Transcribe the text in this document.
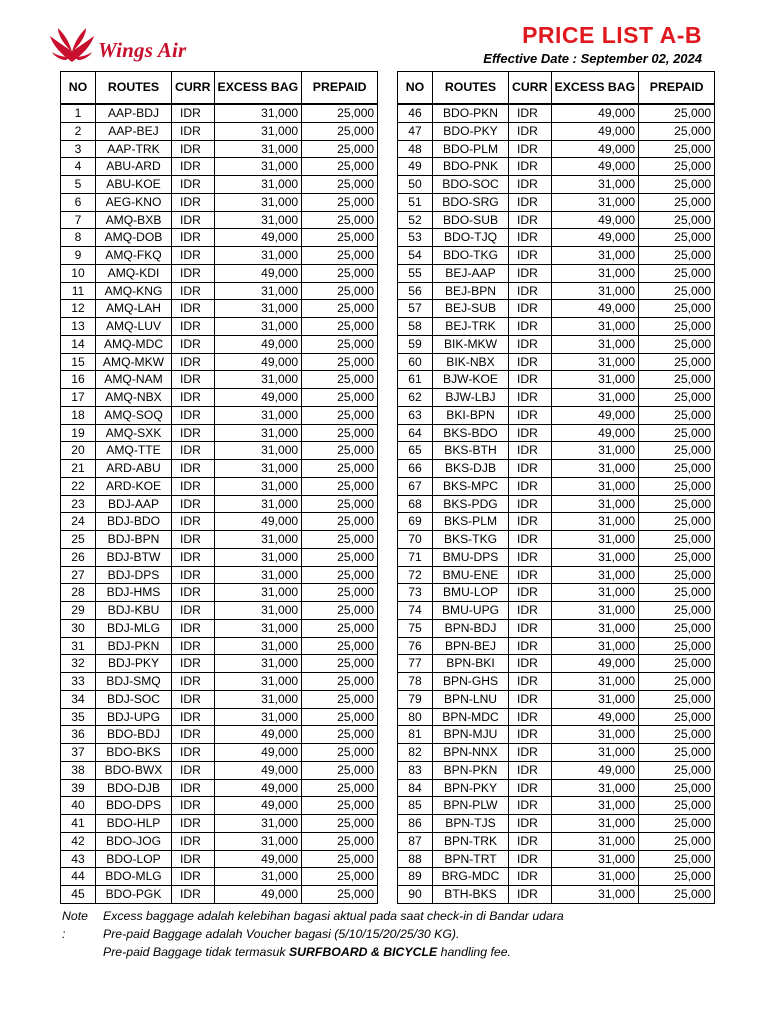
Wings Air
PRICE LIST A-B
Effective Date : September 02, 2024
NO	ROUTES	CURR	EXCESS BAG	PREPAID
1	AAP-BDJ	IDR	31,000	25,000
2	AAP-BEJ	IDR	31,000	25,000
3	AAP-TRK	IDR	31,000	25,000
4	ABU-ARD	IDR	31,000	25,000
5	ABU-KOE	IDR	31,000	25,000
6	AEG-KNO	IDR	31,000	25,000
7	AMQ-BXB	IDR	31,000	25,000
8	AMQ-DOB	IDR	49,000	25,000
9	AMQ-FKQ	IDR	31,000	25,000
10	AMQ-KDI	IDR	49,000	25,000
11	AMQ-KNG	IDR	31,000	25,000
12	AMQ-LAH	IDR	31,000	25,000
13	AMQ-LUV	IDR	31,000	25,000
14	AMQ-MDC	IDR	49,000	25,000
15	AMQ-MKW	IDR	49,000	25,000
16	AMQ-NAM	IDR	31,000	25,000
17	AMQ-NBX	IDR	49,000	25,000
18	AMQ-SOQ	IDR	31,000	25,000
19	AMQ-SXK	IDR	31,000	25,000
20	AMQ-TTE	IDR	31,000	25,000
21	ARD-ABU	IDR	31,000	25,000
22	ARD-KOE	IDR	31,000	25,000
23	BDJ-AAP	IDR	31,000	25,000
24	BDJ-BDO	IDR	49,000	25,000
25	BDJ-BPN	IDR	31,000	25,000
26	BDJ-BTW	IDR	31,000	25,000
27	BDJ-DPS	IDR	31,000	25,000
28	BDJ-HMS	IDR	31,000	25,000
29	BDJ-KBU	IDR	31,000	25,000
30	BDJ-MLG	IDR	31,000	25,000
31	BDJ-PKN	IDR	31,000	25,000
32	BDJ-PKY	IDR	31,000	25,000
33	BDJ-SMQ	IDR	31,000	25,000
34	BDJ-SOC	IDR	31,000	25,000
35	BDJ-UPG	IDR	31,000	25,000
36	BDO-BDJ	IDR	49,000	25,000
37	BDO-BKS	IDR	49,000	25,000
38	BDO-BWX	IDR	49,000	25,000
39	BDO-DJB	IDR	49,000	25,000
40	BDO-DPS	IDR	49,000	25,000
41	BDO-HLP	IDR	31,000	25,000
42	BDO-JOG	IDR	31,000	25,000
43	BDO-LOP	IDR	49,000	25,000
44	BDO-MLG	IDR	31,000	25,000
45	BDO-PGK	IDR	49,000	25,000
NO	ROUTES	CURR	EXCESS BAG	PREPAID
46	BDO-PKN	IDR	49,000	25,000
47	BDO-PKY	IDR	49,000	25,000
48	BDO-PLM	IDR	49,000	25,000
49	BDO-PNK	IDR	49,000	25,000
50	BDO-SOC	IDR	31,000	25,000
51	BDO-SRG	IDR	31,000	25,000
52	BDO-SUB	IDR	49,000	25,000
53	BDO-TJQ	IDR	49,000	25,000
54	BDO-TKG	IDR	31,000	25,000
55	BEJ-AAP	IDR	31,000	25,000
56	BEJ-BPN	IDR	31,000	25,000
57	BEJ-SUB	IDR	49,000	25,000
58	BEJ-TRK	IDR	31,000	25,000
59	BIK-MKW	IDR	31,000	25,000
60	BIK-NBX	IDR	31,000	25,000
61	BJW-KOE	IDR	31,000	25,000
62	BJW-LBJ	IDR	31,000	25,000
63	BKI-BPN	IDR	49,000	25,000
64	BKS-BDO	IDR	49,000	25,000
65	BKS-BTH	IDR	31,000	25,000
66	BKS-DJB	IDR	31,000	25,000
67	BKS-MPC	IDR	31,000	25,000
68	BKS-PDG	IDR	31,000	25,000
69	BKS-PLM	IDR	31,000	25,000
70	BKS-TKG	IDR	31,000	25,000
71	BMU-DPS	IDR	31,000	25,000
72	BMU-ENE	IDR	31,000	25,000
73	BMU-LOP	IDR	31,000	25,000
74	BMU-UPG	IDR	31,000	25,000
75	BPN-BDJ	IDR	31,000	25,000
76	BPN-BEJ	IDR	31,000	25,000
77	BPN-BKI	IDR	49,000	25,000
78	BPN-GHS	IDR	31,000	25,000
79	BPN-LNU	IDR	31,000	25,000
80	BPN-MDC	IDR	49,000	25,000
81	BPN-MJU	IDR	31,000	25,000
82	BPN-NNX	IDR	31,000	25,000
83	BPN-PKN	IDR	49,000	25,000
84	BPN-PKY	IDR	31,000	25,000
85	BPN-PLW	IDR	31,000	25,000
86	BPN-TJS	IDR	31,000	25,000
87	BPN-TRK	IDR	31,000	25,000
88	BPN-TRT	IDR	31,000	25,000
89	BRG-MDC	IDR	31,000	25,000
90	BTH-BKS	IDR	31,000	25,000
Note :
Excess baggage adalah kelebihan bagasi aktual pada saat check-in di Bandar udara
Pre-paid Baggage adalah Voucher bagasi (5/10/15/20/25/30 KG).
Pre-paid Baggage tidak termasuk SURFBOARD & BICYCLE handling fee.
